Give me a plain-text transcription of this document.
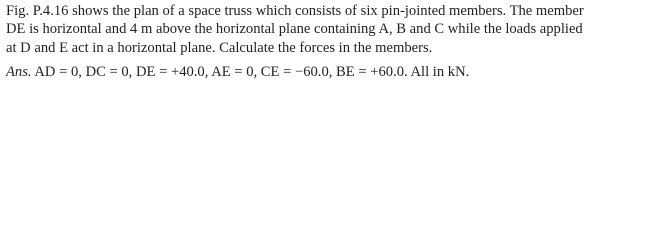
Fig. P.4.16 shows the plan of a space truss which consists of six pin-jointed members. The member
DE is horizontal and 4 m above the horizontal plane containing A, B and C while the loads applied
at D and E act in a horizontal plane. Calculate the forces in the members.

Ans. AD = 0, DC = 0, DE = +40.0, AE = 0, CE = −60.0, BE = +60.0. All in kN.
